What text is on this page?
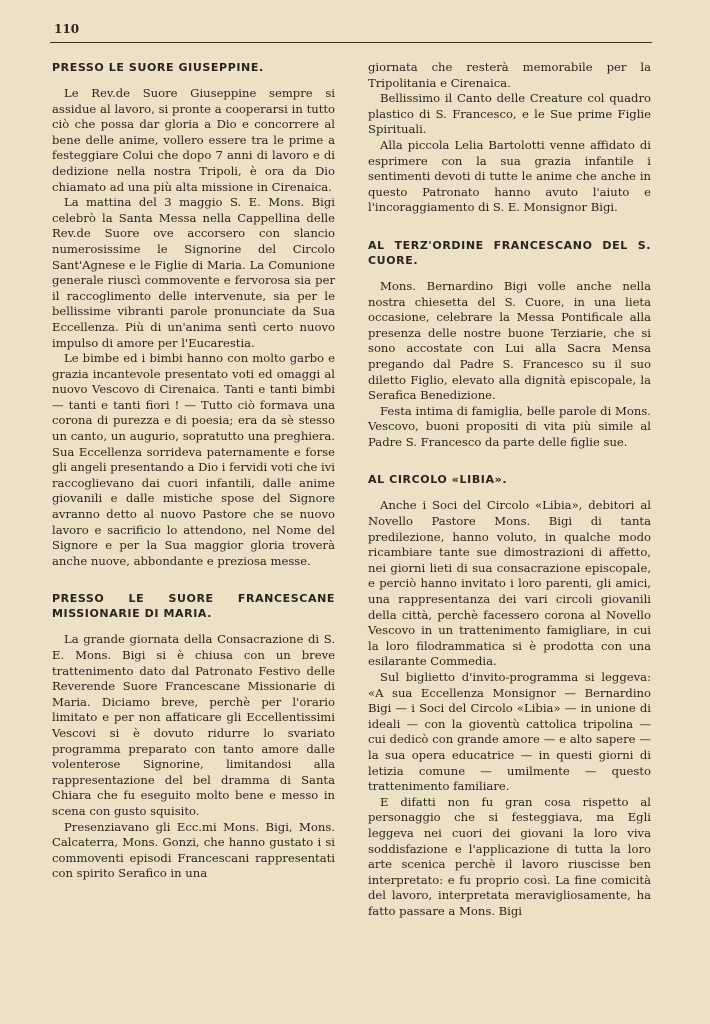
110
PRESSO LE SUORE GIUSEPPINE.

Le Rev.de Suore Giuseppine sempre si assidue al lavoro, si pronte a cooperarsi in tutto ciò che possa dar gloria a Dio e concorrere al bene delle anime, vollero essere tra le prime a festeggiare Colui che dopo 7 anni di lavoro e di dedizione nella nostra Tripoli, è ora da Dio chiamato ad una più alta missione in Cirenaica.

La mattina del 3 maggio S. E. Mons. Bigi celebrò la Santa Messa nella Cappellina delle Rev.de Suore ove accorsero con slancio numerosissime le Signorine del Circolo Sant'Agnese e le Figlie di Maria. La Comunione generale riuscì commovente e fervorosa sia per il raccoglimento delle intervenute, sia per le bellissime vibranti parole pronunciate da Sua Eccellenza. Più di un'anima sentì certo nuovo impulso di amore per l'Eucarestia.

Le bimbe ed i bimbi hanno con molto garbo e grazia incantevole presentato voti ed omaggi al nuovo Vescovo di Cirenaica. Tanti e tanti bimbi — tanti e tanti fiori ! — Tutto ciò formava una corona di purezza e di poesia; era da sè stesso un canto, un augurio, sopratutto una preghiera. Sua Eccellenza sorrideva paternamente e forse gli angeli presentando a Dio i fervidi voti che ivi raccoglievano dai cuori infantili, dalle anime giovanili e dalle mistiche spose del Signore avranno detto al nuovo Pastore che se nuovo lavoro e sacrificio lo attendono, nel Nome del Signore e per la Sua maggior gloria troverà anche nuove, abbondante e preziosa messe.

PRESSO LE SUORE FRANCESCANE MISSIONARIE DI MARIA.

La grande giornata della Consacrazione di S. E. Mons. Bigi si è chiusa con un breve trattenimento dato dal Patronato Festivo delle Reverende Suore Francescane Missionarie di Maria. Diciamo breve, perchè per l'orario limitato e per non affaticare gli Eccellentissimi Vescovi si è dovuto ridurre lo svariato programma preparato con tanto amore dalle volenterose Signorine, limitandosi alla rappresentazione del bel dramma di Santa Chiara che fu eseguito molto bene e messo in scena con gusto squisito.

Presenziavano gli Ecc.mi Mons. Bigi, Mons. Calcaterra, Mons. Gonzi, che hanno gustato i si commoventi episodi Francescani rappresentati con spirito Serafico in una

giornata che resterà memorabile per la Tripolitania e Cirenaica.

Bellissimo il Canto delle Creature col quadro plastico di S. Francesco, e le Sue prime Figlie Spirituali.

Alla piccola Lelia Bartolotti venne affidato di esprimere con la sua grazia infantile i sentimenti devoti di tutte le anime che anche in questo Patronato hanno avuto l'aiuto e l'incoraggiamento di S. E. Monsignor Bigi.

AL TERZ'ORDINE FRANCESCANO DEL S. CUORE.

Mons. Bernardino Bigi volle anche nella nostra chiesetta del S. Cuore, in una lieta occasione, celebrare la Messa Pontificale alla presenza delle nostre buone Terziarie, che si sono accostate con Lui alla Sacra Mensa pregando dal Padre S. Francesco su il suo diletto Figlio, elevato alla dignità episcopale, la Serafica Benedizione.

Festa intima di famiglia, belle parole di Mons. Vescovo, buoni propositi di vita più simile al Padre S. Francesco da parte delle figlie sue.

AL CIRCOLO «LIBIA».

Anche i Soci del Circolo «Libia», debitori al Novello Pastore Mons. Bigi di tanta predilezione, hanno voluto, in qualche modo ricambiare tante sue dimostrazioni di affetto, nei giorni lieti di sua consacrazione episcopale, e perciò hanno invitato i loro parenti, gli amici, una rappresentanza dei vari circoli giovanili della città, perchè facessero corona al Novello Vescovo in un trattenimento famigliare, in cui la loro filodrammatica si è prodotta con una esilarante Commedia.

Sul biglietto d'invito-programma si leggeva: «A sua Eccellenza Monsignor — Bernardino Bigi — i Soci del Circolo «Libia» — in unione di ideali — con la gioventù cattolica tripolina — cui dedicò con grande amore — e alto sapere — la sua opera educatrice — in questi giorni di letizia comune — umilmente — questo trattenimento familiare.

E difatti non fu gran cosa rispetto al personaggio che si festeggiava, ma Egli leggeva nei cuori dei giovani la loro viva soddisfazione e l'applicazione di tutta la loro arte scenica perchè il lavoro riuscisse ben interpretato: e fu proprio così. La fine comicità del lavoro, interpretata meravigliosamente, ha fatto passare a Mons. Bigi
